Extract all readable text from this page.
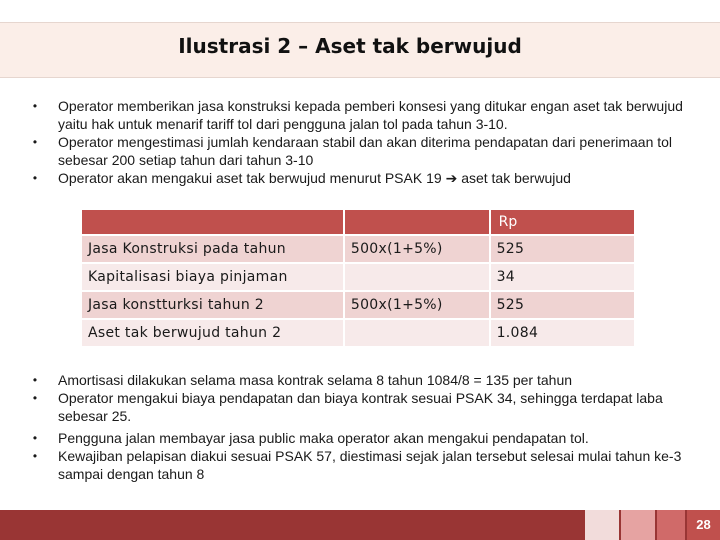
Ilustrasi 2 – Aset tak berwujud
• Operator memberikan jasa konstruksi kepada pemberi konsesi yang ditukar engan aset tak berwujud yaitu hak untuk menarif tariff tol dari pengguna jalan tol pada tahun 3-10.
• Operator mengestimasi jumlah kendaraan stabil dan akan diterima pendapatan dari penerimaan tol sebesar 200 setiap tahun dari tahun 3-10
• Operator akan mengakui aset tak berwujud menurut PSAK 19 ➔ aset tak berwujud
		Rp
Jasa Konstruksi pada tahun	500x(1+5%)	525
Kapitalisasi biaya pinjaman		34
Jasa konstturksi tahun 2	500x(1+5%)	525
Aset tak berwujud tahun 2		1.084
• Amortisasi dilakukan selama masa kontrak selama 8 tahun 1084/8 = 135 per tahun
• Operator mengakui biaya pendapatan dan biaya kontrak sesuai PSAK 34, sehingga terdapat laba sebesar 25.
• Pengguna jalan membayar jasa public maka operator akan mengakui pendapatan tol.
• Kewajiban pelapisan diakui sesuai PSAK 57, diestimasi sejak jalan tersebut selesai mulai tahun ke-3 sampai dengan tahun 8
28
